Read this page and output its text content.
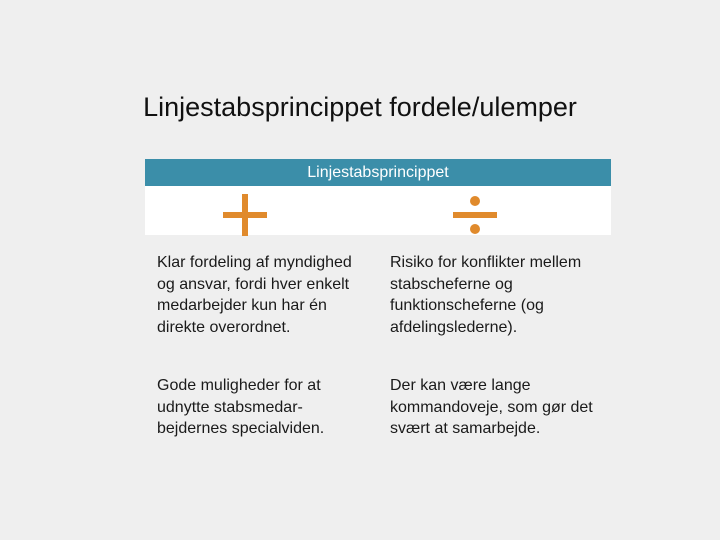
Linjestabsprincippet fordele/ulemper
Linjestabsprincippet
Klar fordeling af myndighed og ansvar, fordi hver enkelt medarbejder kun har én direkte overordnet.
Risiko for konflikter mellem stabscheferne og funktionscheferne (og afdelingslederne).
Gode muligheder for at udnytte stabsmedar-bejdernes specialviden.
Der kan være lange kommandoveje, som gør det svært at samarbejde.
